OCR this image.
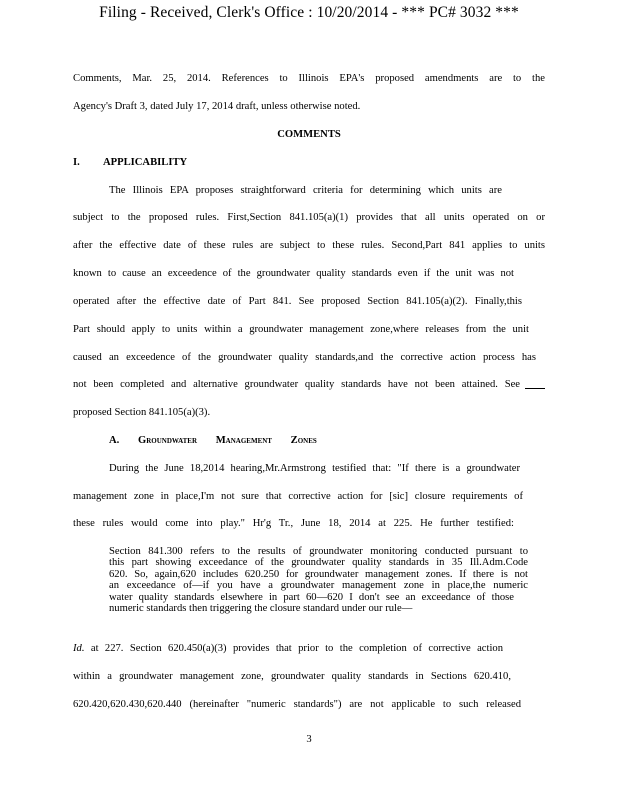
Filing - Received, Clerk's Office : 10/20/2014 - *** PC# 3032 ***
Comments, Mar. 25, 2014. References to Illinois EPA's proposed amendments are to the
Agency's Draft 3, dated July 17, 2014 draft, unless otherwise noted.
COMMENTS
I. APPLICABILITY
The Illinois EPA proposes straightforward criteria for determining which units are
subject to the proposed rules. First,Section 841.105(a)(1) provides that all units operated on or
after the effective date of these rules are subject to these rules. Second,Part 841 applies to units
known to cause an exceedence of the groundwater quality standards even if the unit was not
operated after the effective date of Part 841. See proposed Section 841.105(a)(2). Finally,this
Part should apply to units within a groundwater management zone,where releases from the unit
caused an exceedence of the groundwater quality standards,and the corrective action process has
not been completed and alternative groundwater quality standards have not been attained. See
proposed Section 841.105(a)(3).
A. Groundwater Management Zones
During the June 18,2014 hearing,Mr.Armstrong testified that: "If there is a groundwater
management zone in place,I'm not sure that corrective action for [sic] closure requirements of
these rules would come into play." Hr'g Tr., June 18, 2014 at 225. He further testified:
Section 841.300 refers to the results of groundwater monitoring conducted pursuant to
this part showing exceedance of the groundwater quality standards in 35 Ill.Adm.Code
620. So, again,620 includes 620.250 for groundwater management zones. If there is not
an exceedance of—if you have a groundwater management zone in place,the numeric
water quality standards elsewhere in part 60—620 I don't see an exceedance of those
numeric standards then triggering the closure standard under our rule—
Id. at 227. Section 620.450(a)(3) provides that prior to the completion of corrective action
within a groundwater management zone, groundwater quality standards in Sections 620.410,
620.420,620.430,620.440 (hereinafter "numeric standards") are not applicable to such released
3
